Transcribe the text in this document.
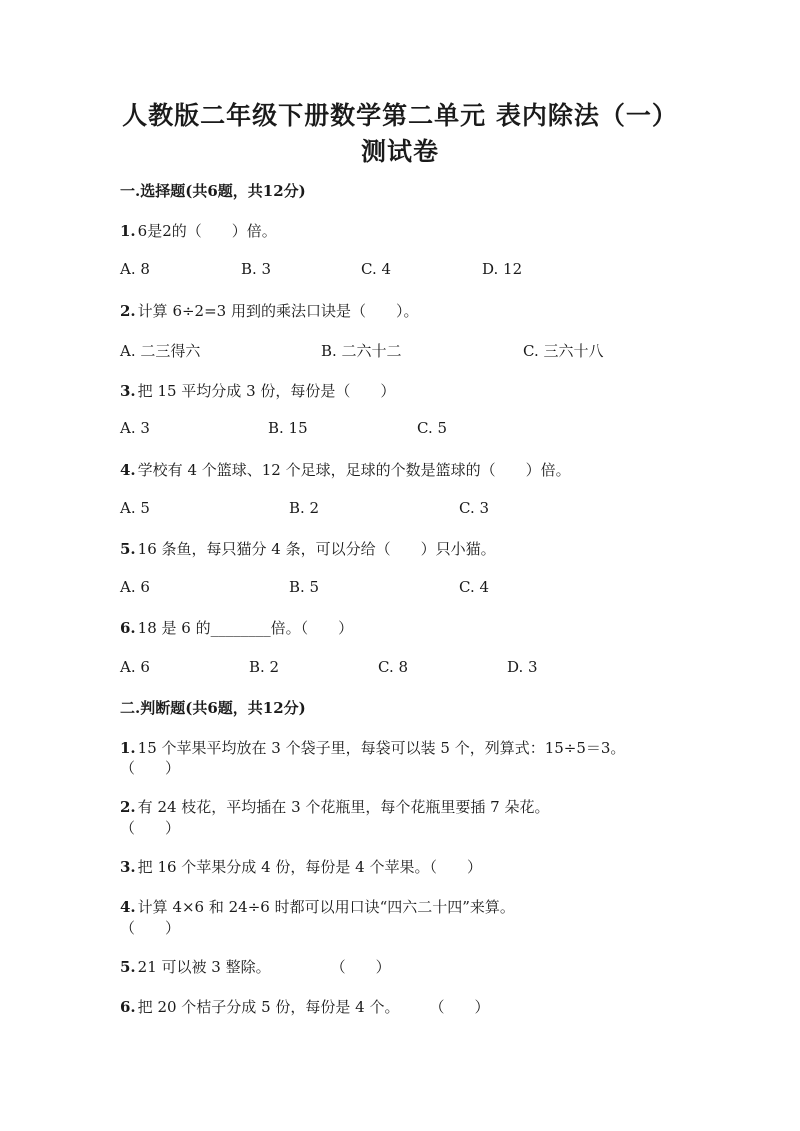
人教版二年级下册数学第二单元 表内除法（一）
测试卷
一.选择题(共6题，共12分)
1. 6是2的（　　）倍。
A. 8	B. 3	C. 4	D. 12
2. 计算 6÷2=3 用到的乘法口诀是（　　）。
A. 二三得六	B. 二六十二	C. 三六十八
3. 把 15 平均分成 3 份，每份是（　　）
A. 3	B. 15	C. 5
4. 学校有 4 个篮球、12 个足球，足球的个数是篮球的（　　）倍。
A. 5	B. 2	C. 3
5. 16 条鱼，每只猫分 4 条，可以分给（　　）只小猫。
A. 6	B. 5	C. 4
6. 18 是 6 的________倍。（　　）
A. 6	B. 2	C. 8	D. 3
二.判断题(共6题，共12分)
1. 15 个苹果平均放在 3 个袋子里，每袋可以装 5 个，列算式：15÷5＝3。
（　　）
2. 有 24 枝花，平均插在 3 个花瓶里，每个花瓶里要插 7 朵花。
（　　）
3. 把 16 个苹果分成 4 份，每份是 4 个苹果。（　　）
4. 计算 4×6 和 24÷6 时都可以用口诀“四六二十四”来算。
（　　）
5. 21 可以被 3 整除。　　　　　（　　）
6. 把 20 个桔子分成 5 份，每份是 4 个。　　　（　　）
